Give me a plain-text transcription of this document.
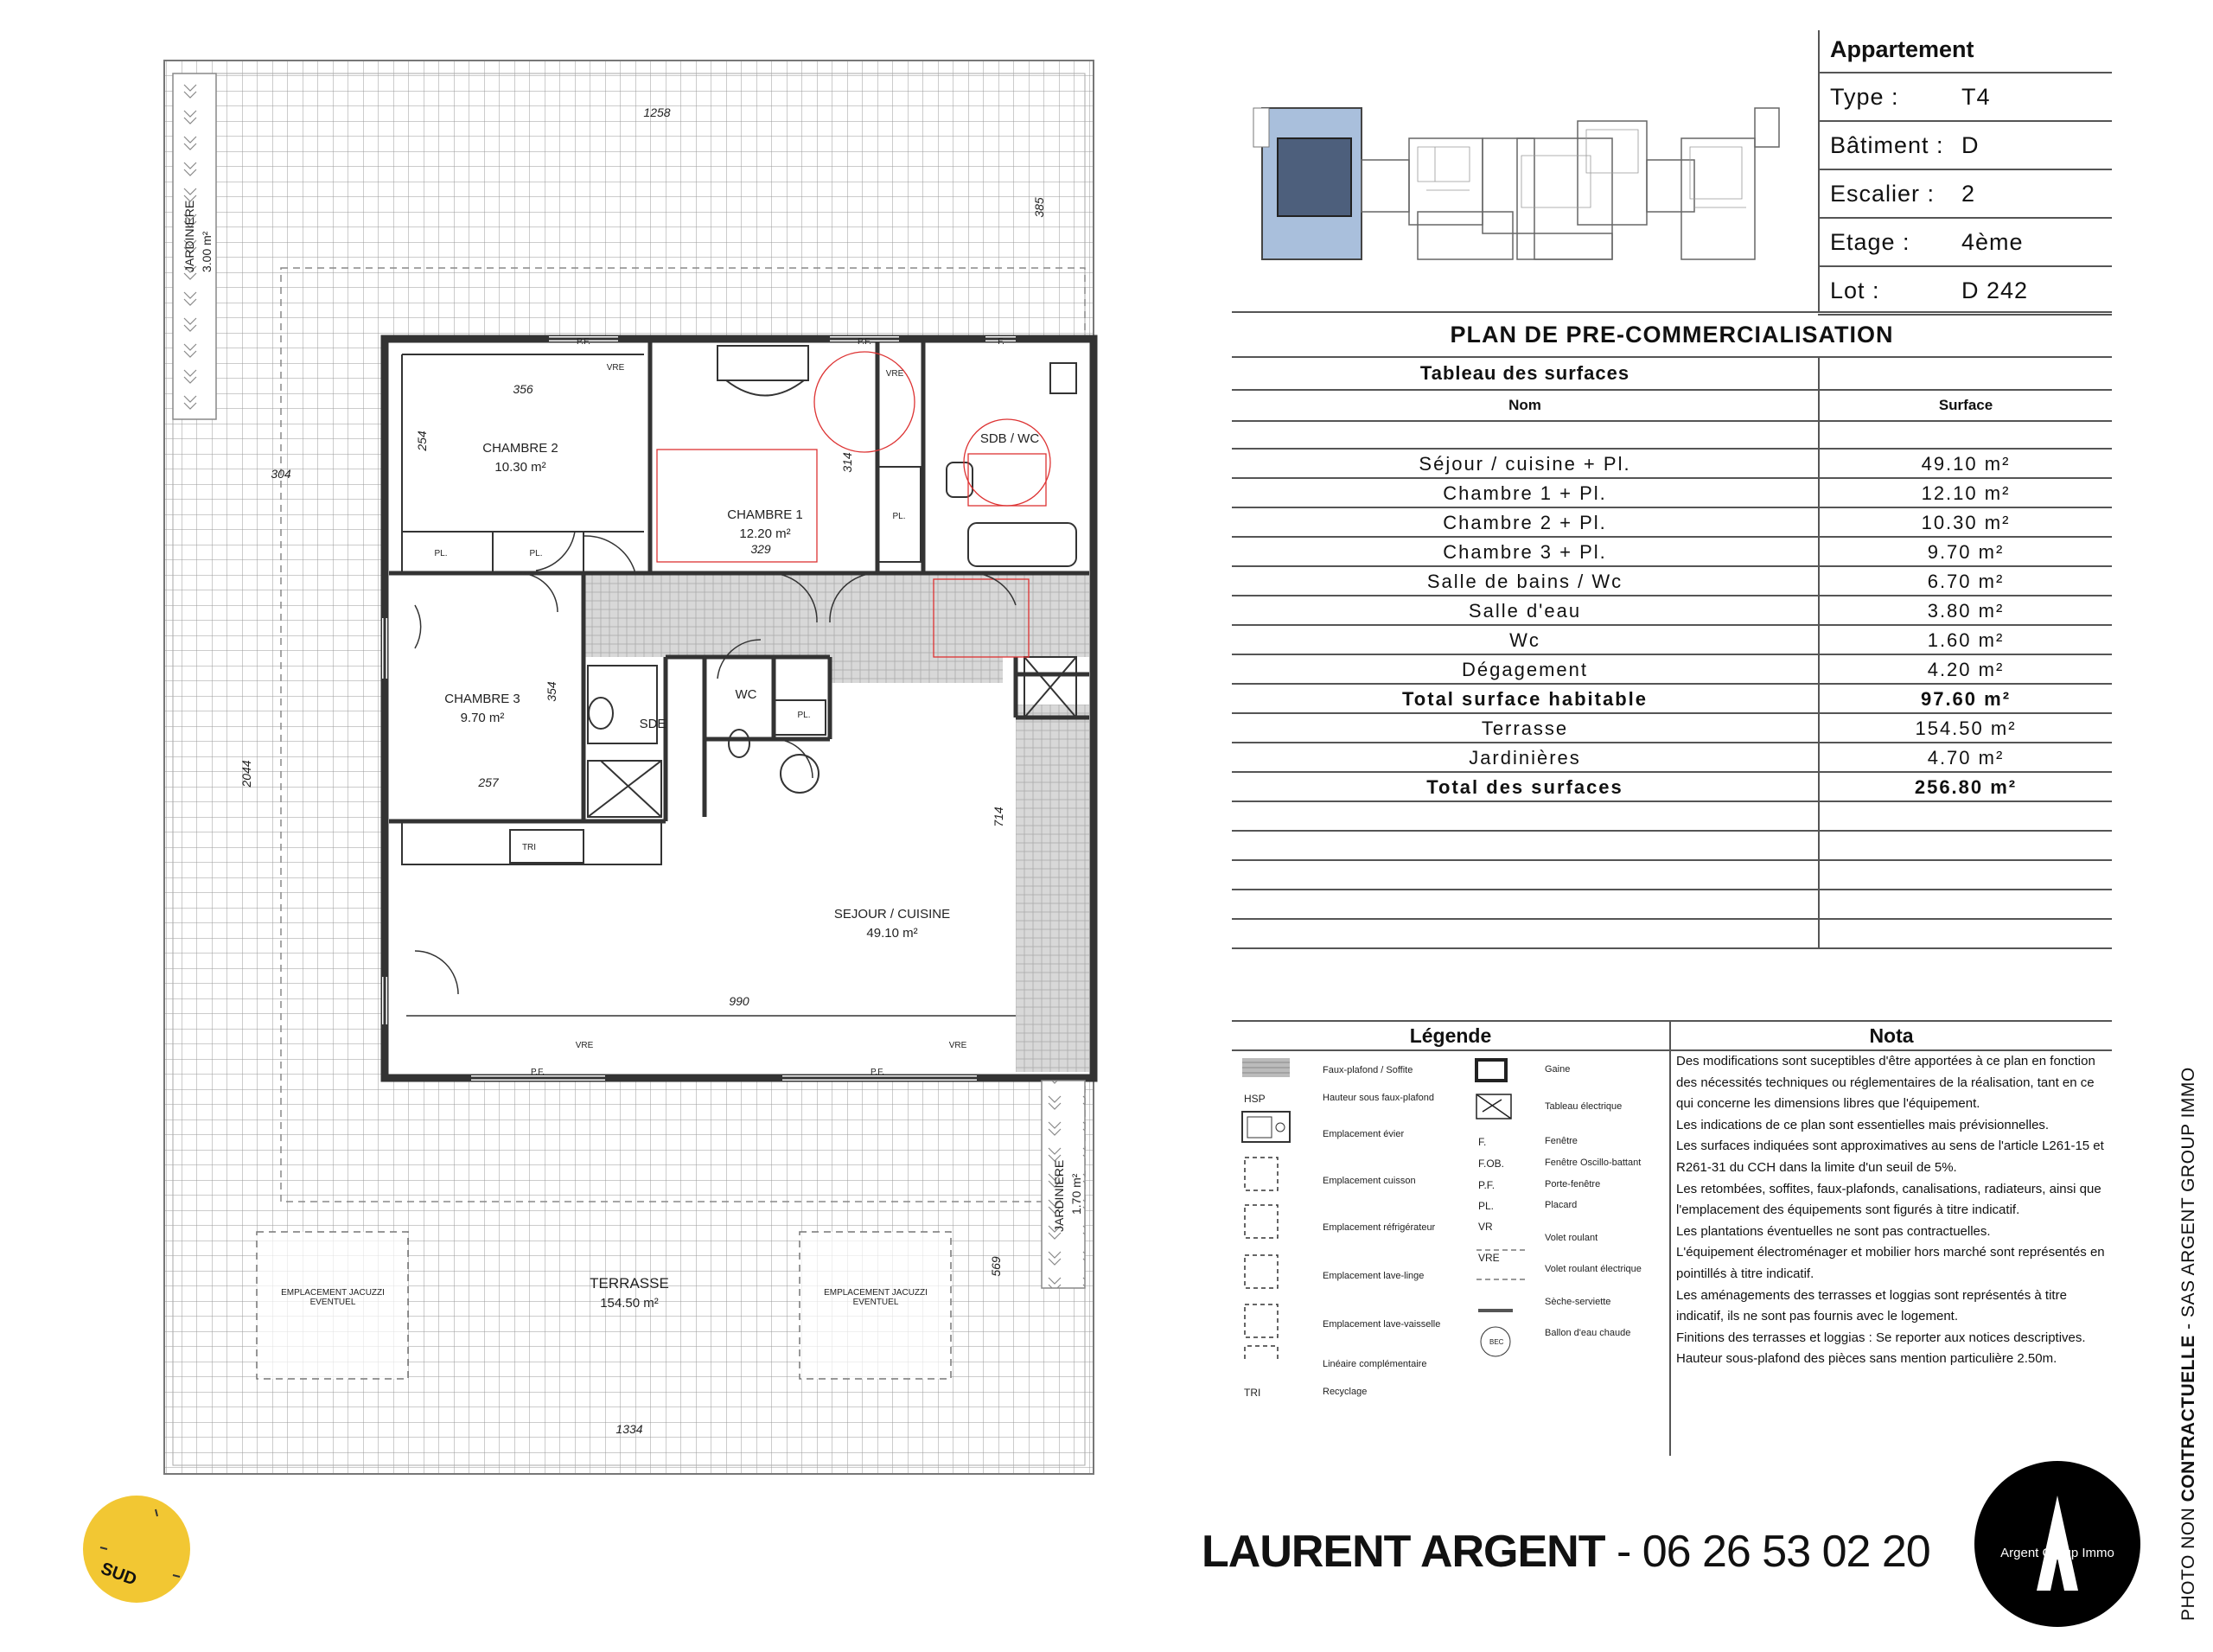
CHAMBRE 2
10.30 m²
CHAMBRE 1
12.20 m²
SDB / WC
CHAMBRE 3
9.70 m²	SDE
WC
SEJOUR / CUISINE
49.10 m²
TERRASSE
154.50 m²
EMPLACEMENT JACUZZI EVENTUEL
EMPLACEMENT JACUZZI EVENTUEL
JARDINIERE 3.00 m²
JARDINIERE 1.70 m²
1258
385
356
254
304
314
329
354
257
714
2044
990
569
1334
P.F.	P.F.	F.
VRE
VRE
P.F.	P.F.
VRE	VRE
PL.	PL.
PL.
PL.
TRI
Appartement
Type :	T4
Bâtiment : D
Escalier :	2
Etage :	4ème
Lot :	D 242
PLAN DE PRE-COMMERCIALISATION
Tableau des surfaces
Nom	Surface
Séjour / cuisine + Pl.	49.10 m²
Chambre 1 + Pl.	12.10 m²
Chambre 2 + Pl.	10.30 m²
Chambre 3 + Pl.	9.70 m²
Salle de bains / Wc	6.70 m²
Salle d'eau	3.80 m²
Wc	1.60 m²
Dégagement	4.20 m²
Total surface habitable	97.60 m²
Terrasse	154.50 m²
Jardinières	4.70 m²
Total des surfaces	256.80 m²
Légende	Nota
Faux-plafond / Soffite
HSP	Hauteur sous faux-plafond
Emplacement évier
Emplacement cuisson
Emplacement réfrigérateur
Emplacement lave-linge
Emplacement lave-vaisselle
Linéaire complémentaire
TRI	Recyclage
Gaine
Tableau électrique
F.	Fenêtre
F.OB.	Fenêtre Oscillo-battant
P.F.	Porte-fenêtre
PL.	Placard
VR
Volet roulant
VRE
Volet roulant électrique
Sèche-serviette
BEC
Ballon d'eau chaude

Des modifications sont suceptibles d'être apportées à ce plan en fonction des nécessités techniques ou réglementaires de la réalisation, tant en ce qui concerne les dimensions libres que l'équipement.

Les indications de ce plan sont essentielles mais prévisionnelles.

Les surfaces indiquées sont approximatives au sens de l'article L261-15 et R261-31 du CCH dans la limite d'un seuil de 5%.

Les retombées, soffites, faux-plafonds, canalisations, radiateurs, ainsi que l'emplacement des équipements sont figurés à titre indicatif.

Les plantations éventuelles ne sont pas contractuelles.

L'équipement électroménager et mobilier hors marché sont représentés en pointillés à titre indicatif.

Les aménagements des terrasses et loggias sont représentés à titre indicatif, ils ne sont pas fournis avec le logement.

Finitions des terrasses et loggias : Se reporter aux notices descriptives.

Hauteur sous-plafond des pièces sans mention particulière 2.50m.

LAURENT ARGENT - 06 26 53 02 20	Argent Group Immo
SUD	PHOTO NON CONTRACTUELLE - SAS ARGENT GROUP IMMO
